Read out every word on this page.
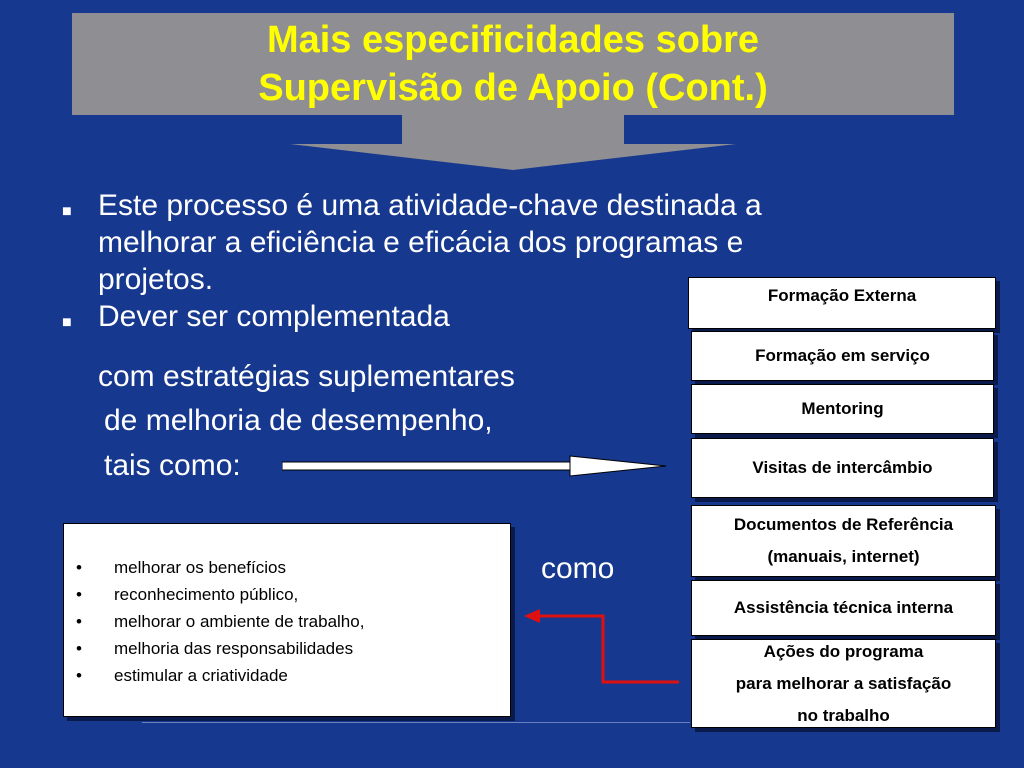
Mais especificidades sobre
Supervisão de Apoio (Cont.)
■ Este processo é uma atividade-chave destinada a
melhorar a eficiência e eficácia dos programas e
projetos.
■ Dever ser complementada
com estratégias suplementares
de melhoria de desempenho,
tais como:
Formação Externa
Formação em serviço
Mentoring
Visitas de intercâmbio
Documentos de Referência
(manuais, internet)
Assistência técnica interna
Ações do programa
para melhorar a satisfação
no trabalho
como
•	melhorar os benefícios
•	reconhecimento público,
•	melhorar o ambiente de trabalho,
•	melhoria das responsabilidades
•	estimular a criatividade
